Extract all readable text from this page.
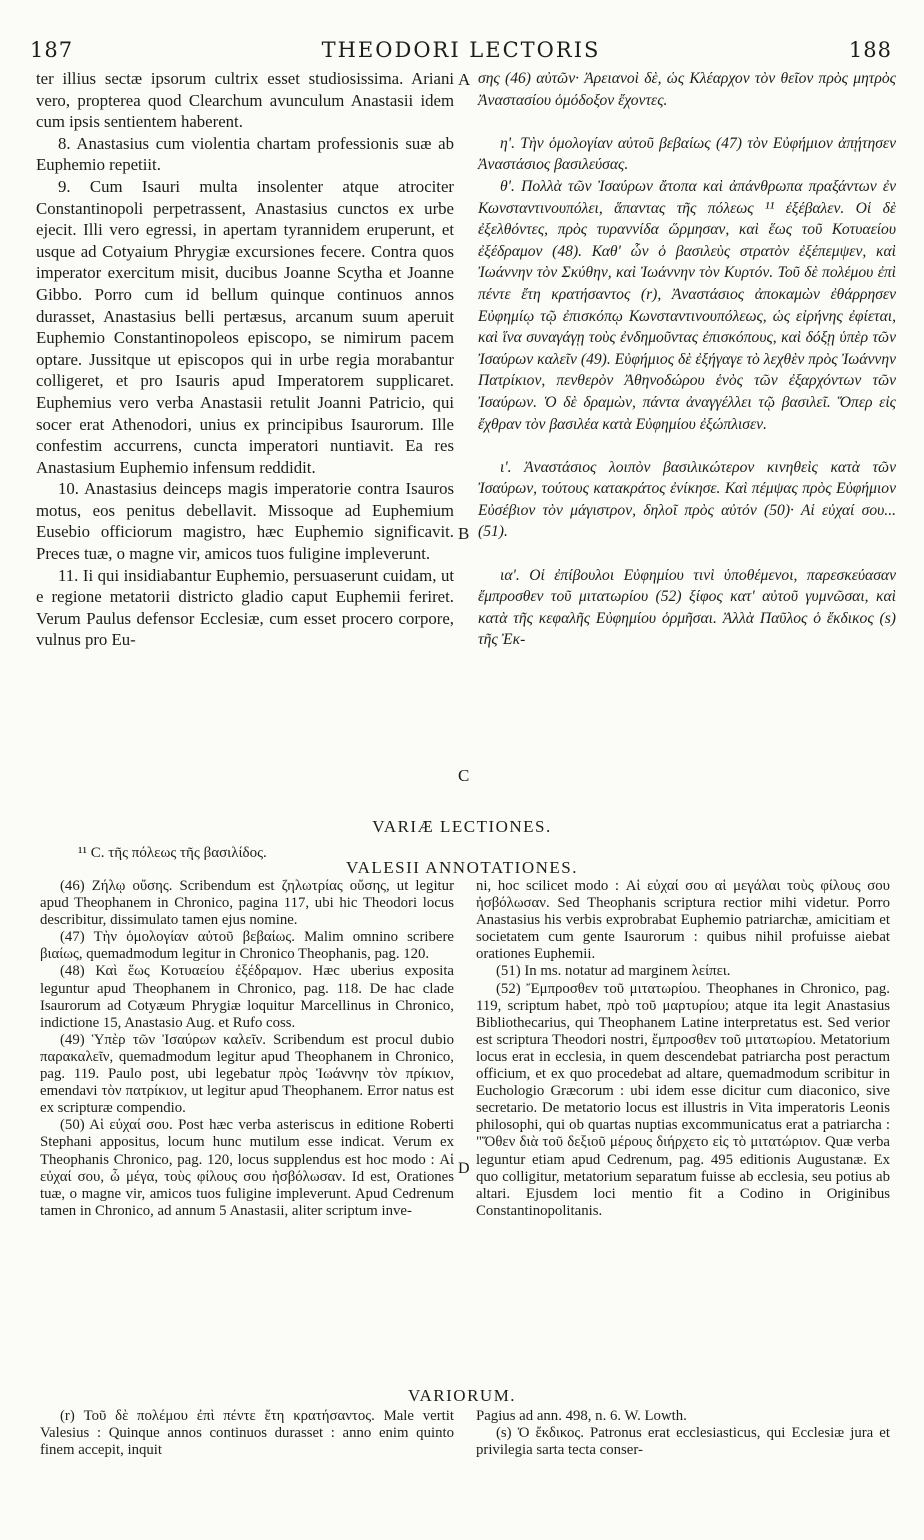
187	THEODORI LECTORIS	188

ter illius sectæ ipsorum cultrix esset studiosissima. Ariani vero, propterea quod Clearchum avunculum Anastasii idem cum ipsis sentientem haberent.

8. Anastasius cum violentia chartam professionis suæ ab Euphemio repetiit.

9. Cum Isauri multa insolenter atque atrociter Constantinopoli perpetrassent, Anastasius cunctos ex urbe ejecit. Illi vero egressi, in apertam tyrannidem eruperunt, et usque ad Cotyaium Phrygiæ excursiones fecere. Contra quos imperator exercitum misit, ducibus Joanne Scytha et Joanne Gibbo. Porro cum id bellum quinque continuos annos durasset, Anastasius belli pertæsus, arcanum suum aperuit Euphemio Constantinopoleos episcopo, se nimirum pacem optare. Jussitque ut episcopos qui in urbe regia morabantur colligeret, et pro Isauris apud Imperatorem supplicaret. Euphemius vero verba Anastasii retulit Joanni Patricio, qui socer erat Athenodori, unius ex principibus Isaurorum. Ille confestim accurrens, cuncta imperatori nuntiavit. Ea res Anastasium Euphemio infensum reddidit.

10. Anastasius deinceps magis imperatorie contra Isauros motus, eos penitus debellavit. Missoque ad Euphemium Eusebio officiorum magistro, hæc Euphemio significavit. Preces tuæ, o magne vir, amicos tuos fuligine impleverunt.

11. Ii qui insidiabantur Euphemio, persuaserunt cuidam, ut e regione metatorii districto gladio caput Euphemii feriret. Verum Paulus defensor Ecclesiæ, cum esset procero corpore, vulnus pro Eu-

σης (46) αὐτῶν· Ἀρειανοὶ δὲ, ὡς Κλέαρχον τὸν θεῖον πρὸς μητρὸς Ἀναστασίου ὁμόδοξον ἔχοντες.

η'. Τὴν ὁμολογίαν αὐτοῦ βεβαίως (47) τὸν Εὐφήμιον ἀπῄτησεν Ἀναστάσιος βασιλεύσας.

θ'. Πολλὰ τῶν Ἰσαύρων ἄτοπα καὶ ἀπάνθρωπα πραξάντων ἐν Κωνσταντινουπόλει, ἅπαντας τῆς πόλεως ¹¹ ἐξέβαλεν. Οἱ δὲ ἐξελθόντες, πρὸς τυραννίδα ὥρμησαν, καὶ ἕως τοῦ Κοτυαείου ἐξέδραμον (48). Καθ' ὧν ὁ βασιλεὺς στρατὸν ἐξέπεμψεν, καὶ Ἰωάννην τὸν Σκύθην, καὶ Ἰωάννην τὸν Κυρτόν. Τοῦ δὲ πολέμου ἐπὶ πέντε ἔτη κρατήσαντος (r), Ἀναστάσιος ἀποκαμὼν ἐθάρρησεν Εὐφημίῳ τῷ ἐπισκόπῳ Κωνσταντινουπόλεως, ὡς εἰρήνης ἐφίεται, καὶ ἵνα συναγάγῃ τοὺς ἐνδημοῦντας ἐπισκόπους, καὶ δόξῃ ὑπὲρ τῶν Ἰσαύρων καλεῖν (49). Εὐφήμιος δὲ ἐξήγαγε τὸ λεχθὲν πρὸς Ἰωάννην Πατρίκιον, πενθερὸν Ἀθηνοδώρου ἑνὸς τῶν ἐξαρχόντων τῶν Ἰσαύρων. Ὁ δὲ δραμὼν, πάντα ἀναγγέλλει τῷ βασιλεῖ. Ὅπερ εἰς ἔχθραν τὸν βασιλέα κατὰ Εὐφημίου ἐξώπλισεν.

ι'. Ἀναστάσιος λοιπὸν βασιλικώτερον κινηθεὶς κατὰ τῶν Ἰσαύρων, τούτους κατακράτος ἐνίκησε. Καὶ πέμψας πρὸς Εὐφήμιον Εὐσέβιον τὸν μάγιστρον, δηλοῖ πρὸς αὐτόν (50)· Αἱ εὐχαί σου... (51).

ια'. Οἱ ἐπίβουλοι Εὐφημίου τινὶ ὑποθέμενοι, παρεσκεύασαν ἔμπροσθεν τοῦ μιτατωρίου (52) ξίφος κατ' αὐτοῦ γυμνῶσαι, καὶ κατὰ τῆς κεφαλῆς Εὐφημίου ὁρμῆσαι. Ἀλλὰ Παῦλος ὁ ἔκδικος (s) τῆς Ἐκ-

A
B
C
VARIÆ LECTIONES.
¹¹ C. τῆς πόλεως τῆς βασιλίδος.
VALESII ANNOTATIONES.

(46) Ζήλῳ οὔσης. Scribendum est ζηλωτρίας οὔσης, ut legitur apud Theophanem in Chronico, pagina 117, ubi hic Theodori locus describitur, dissimulato tamen ejus nomine.

(47) Τὴν ὁμολογίαν αὐτοῦ βεβαίως. Malim omnino scribere βιαίως, quemadmodum legitur in Chronico Theophanis, pag. 120.

(48) Καὶ ἕως Κοτυαείου ἐξέδραμον. Hæc uberius exposita leguntur apud Theophanem in Chronico, pag. 118. De hac clade Isaurorum ad Cotyæum Phrygiæ loquitur Marcellinus in Chronico, indictione 15, Anastasio Aug. et Rufo coss.

(49) Ὑπὲρ τῶν Ἰσαύρων καλεῖν. Scribendum est procul dubio παρακαλεῖν, quemadmodum legitur apud Theophanem in Chronico, pag. 119. Paulo post, ubi legebatur πρὸς Ἰωάννην τὸν πρίκιον, emendavi τὸν πατρίκιον, ut legitur apud Theophanem. Error natus est ex scripturæ compendio.

(50) Αἱ εὐχαί σου. Post hæc verba asteriscus in editione Roberti Stephani appositus, locum hunc mutilum esse indicat. Verum ex Theophanis Chronico, pag. 120, locus supplendus est hoc modo : Αἱ εὐχαί σου, ὦ μέγα, τοὺς φίλους σου ἠσβόλωσαν. Id est, Orationes tuæ, o magne vir, amicos tuos fuligine impleverunt. Apud Cedrenum tamen in Chronico, ad annum 5 Anastasii, aliter scriptum inve-

D

ni, hoc scilicet modo : Αἱ εὐχαί σου αἱ μεγάλαι τοὺς φίλους σου ἠσβόλωσαν. Sed Theophanis scriptura rectior mihi videtur. Porro Anastasius his verbis exprobrabat Euphemio patriarchæ, amicitiam et societatem cum gente Isaurorum : quibus nihil profuisse aiebat orationes Euphemii.

(51) In ms. notatur ad marginem λείπει.

(52) Ἔμπροσθεν τοῦ μιτατωρίου. Theophanes in Chronico, pag. 119, scriptum habet, πρὸ τοῦ μαρτυρίου; atque ita legit Anastasius Bibliothecarius, qui Theophanem Latine interpretatus est. Sed verior est scriptura Theodori nostri, ἔμπροσθεν τοῦ μιτατωρίου. Metatorium locus erat in ecclesia, in quem descendebat patriarcha post peractum officium, et ex quo procedebat ad altare, quemadmodum scribitur in Euchologio Græcorum : ubi idem esse dicitur cum diaconico, sive secretario. De metatorio locus est illustris in Vita imperatoris Leonis philosophi, qui ob quartas nuptias excommunicatus erat a patriarcha : "Ὅθεν διὰ τοῦ δεξιοῦ μέρους διήρχετο εἰς τὸ μιτατώριον. Quæ verba leguntur etiam apud Cedrenum, pag. 495 editionis Augustanæ. Ex quo colligitur, metatorium separatum fuisse ab ecclesia, seu potius ab altari. Ejusdem loci mentio fit a Codino in Originibus Constantinopolitanis.

VARIORUM.

(r) Τοῦ δὲ πολέμου ἐπὶ πέντε ἔτη κρατήσαντος. Male vertit Valesius : Quinque annos continuos durasset : anno enim quinto finem accepit, inquit

Pagius ad ann. 498, n. 6. W. Lowth.

(s) Ὁ ἔκδικος. Patronus erat ecclesiasticus, qui Ecclesiæ jura et privilegia sarta tecta conser-
